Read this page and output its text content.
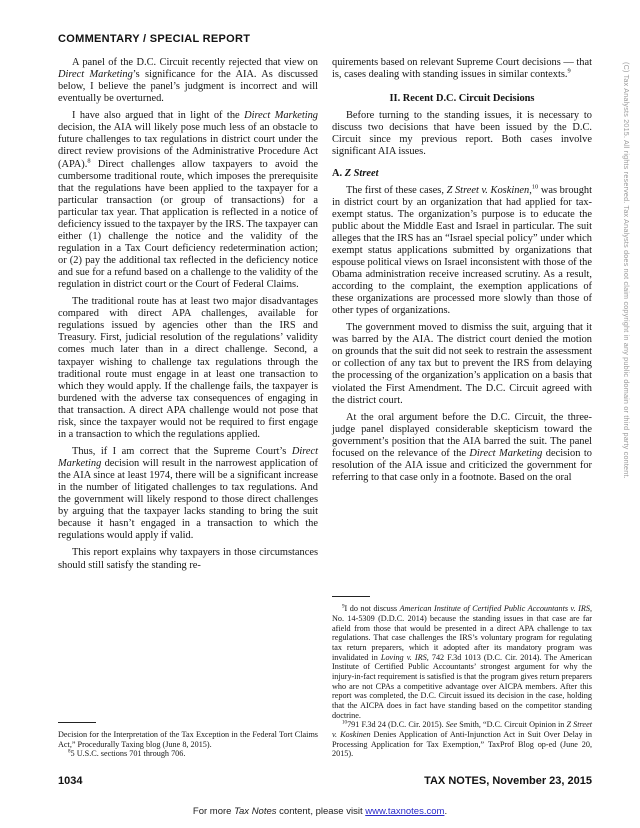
COMMENTARY / SPECIAL REPORT

A panel of the D.C. Circuit recently rejected that view on Direct Marketing’s significance for the AIA. As discussed below, I believe the panel’s judgment is incorrect and will eventually be overturned.

I have also argued that in light of the Direct Marketing decision, the AIA will likely pose much less of an obstacle to future challenges to tax regulations in district court under the direct review provisions of the Administrative Procedure Act (APA).$^8$ Direct challenges allow taxpayers to avoid the cumbersome traditional route, which imposes the prerequisite that the regulations have been applied to the taxpayer for a particular transaction (or group of transactions) for a particular tax year. That application is reflected in a notice of deficiency issued to the taxpayer by the IRS. The taxpayer can either (1) challenge the notice and the validity of the regulation in a Tax Court deficiency redetermination action; or (2) pay the additional tax reflected in the deficiency notice and sue for a refund based on a challenge to the validity of the regulation in district court or the Court of Federal Claims.

The traditional route has at least two major disadvantages compared with direct APA challenges, available for regulations issued by agencies other than the IRS and Treasury. First, judicial resolution of the regulations’ validity comes much later than in a direct challenge. Second, a taxpayer wishing to challenge tax regulations through the traditional route must engage in at least one transaction to which they would apply. If the challenge fails, the taxpayer is burdened with the adverse tax consequences of engaging in that transaction. A direct APA challenge would not pose that risk, since the taxpayer would not be required to first engage in a transaction to which the regulations applied.

Thus, if I am correct that the Supreme Court’s Direct Marketing decision will result in the narrowest application of the AIA since at least 1974, there will be a significant increase in the number of litigated challenges to tax regulations. And the government will likely respond to those direct challenges by arguing that the taxpayer lacks standing to bring the suit because it hasn’t engaged in a transaction to which the regulations would apply if valid.

This report explains why taxpayers in those circumstances should still satisfy the standing re-

Decision for the Interpretation of the Tax Exception in the Federal Tort Claims Act,” Procedurally Taxing blog (June 8, 2015).

$^8$5 U.S.C. sections 701 through 706.

quirements based on relevant Supreme Court decisions — that is, cases dealing with standing issues in similar contexts.$^9$

II. Recent D.C. Circuit Decisions

Before turning to the standing issues, it is necessary to discuss two decisions that have been issued by the D.C. Circuit since my previous report. Both cases involve significant AIA issues.

A. Z Street

The first of these cases, Z Street v. Koskinen,$^{10}$ was brought in district court by an organization that had applied for tax-exempt status. The organization’s purpose is to educate the public about the Middle East and Israel in particular. The suit alleges that the IRS has an “Israel special policy” under which exempt status applications submitted by organizations that espouse political views on Israel inconsistent with those of the Obama administration receive increased scrutiny. As a result, according to the complaint, the exemption applications of these organizations are processed more slowly than those of other types of organizations.

The government moved to dismiss the suit, arguing that it was barred by the AIA. The district court denied the motion on grounds that the suit did not seek to restrain the assessment or collection of any tax but to prevent the IRS from delaying the processing of the organization’s application on a basis that violated the First Amendment. The D.C. Circuit agreed with the district court.

At the oral argument before the D.C. Circuit, the three-judge panel displayed considerable skepticism toward the government’s position that the AIA barred the suit. The panel focused on the relevance of the Direct Marketing decision to resolution of the AIA issue and criticized the government for referring to that case only in a footnote. Based on the oral

$^9$I do not discuss American Institute of Certified Public Accountants v. IRS, No. 14-5309 (D.D.C. 2014) because the standing issues in that case are far afield from those that would be presented in a direct APA challenge to tax regulations. That case challenges the IRS’s voluntary program for regulating tax return preparers, which it adopted after its mandatory program was invalidated in Loving v. IRS, 742 F.3d 1013 (D.C. Cir. 2014). The American Institute of Certified Public Accountants’ strongest argument for why the injury-in-fact requirement is satisfied is that the program gives return preparers who are not CPAs a competitive advantage over AICPA members. After this report was completed, the D.C. Circuit issued its decision in the case, holding that the AICPA does in fact have standing based on the competitor standing doctrine.

$^{10}$791 F.3d 24 (D.C. Cir. 2015). See Smith, “D.C. Circuit Opinion in Z Street v. Koskinen Denies Application of Anti-Injunction Act in Suit Over Delay in Processing Application for Tax Exemption,” TaxProf Blog op-ed (June 20, 2015).

1034	TAX NOTES, November 23, 2015
For more Tax Notes content, please visit www.taxnotes.com.
(C) Tax Analysts 2015. All rights reserved. Tax Analysts does not claim copyright in any public domain or third party content.
